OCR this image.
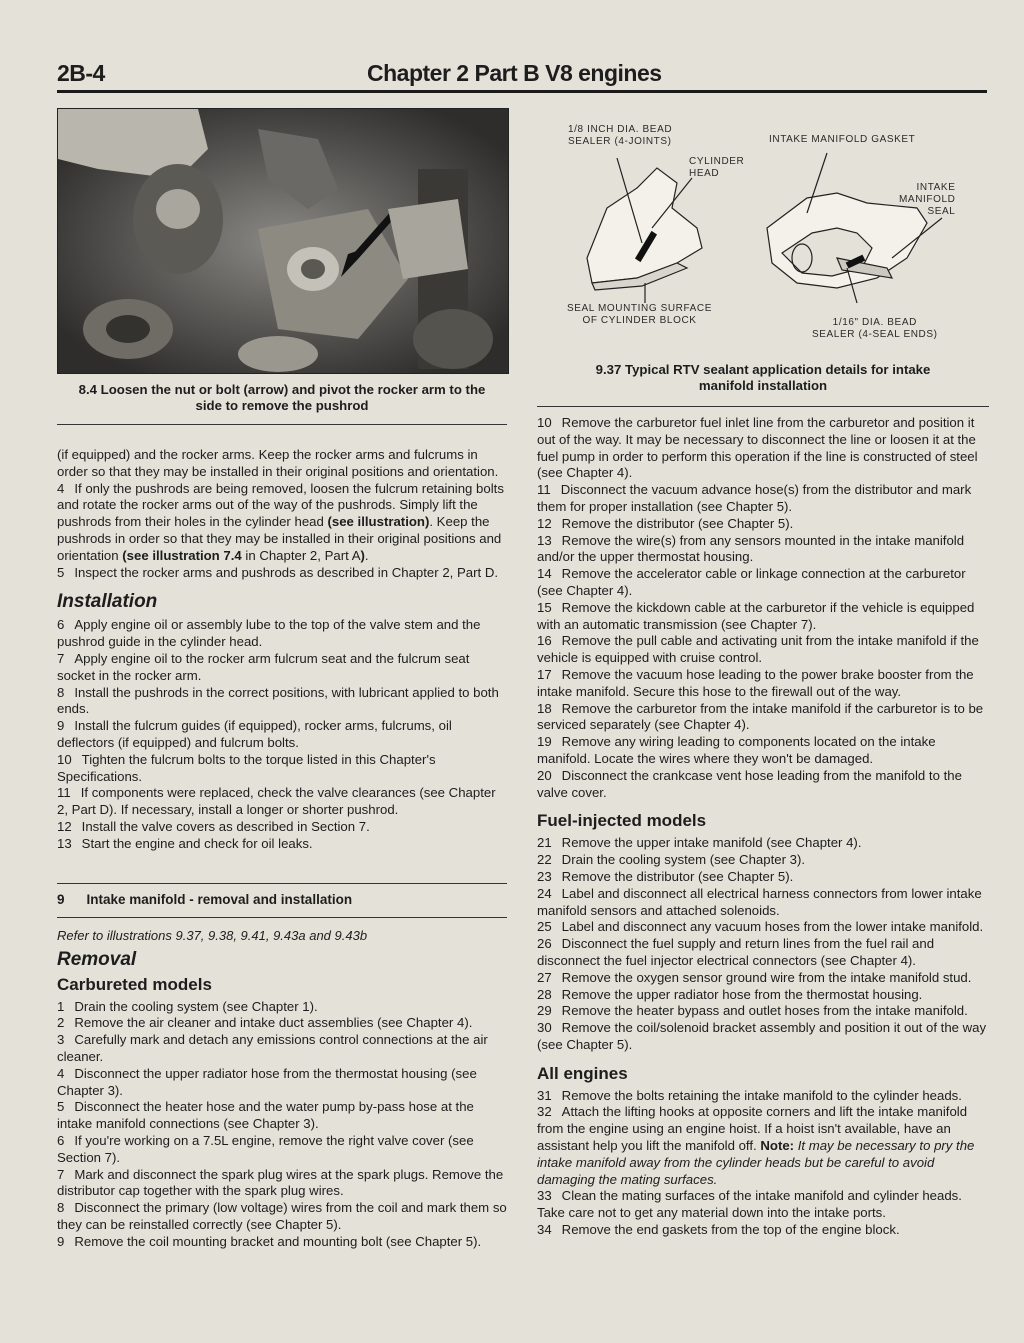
2B-4	Chapter 2 Part B V8 engines
8.4 Loosen the nut or bolt (arrow) and pivot the rocker arm to the side to remove the pushrod

(if equipped) and the rocker arms. Keep the rocker arms and fulcrums in order so that they may be installed in their original positions and orientation.

4 If only the pushrods are being removed, loosen the fulcrum retaining bolts and rotate the rocker arms out of the way of the pushrods. Simply lift the pushrods from their holes in the cylinder head (see illustration). Keep the pushrods in order so that they may be installed in their original positions and orientation (see illustration 7.4 in Chapter 2, Part A).

5 Inspect the rocker arms and pushrods as described in Chapter 2, Part D.

Installation

6 Apply engine oil or assembly lube to the top of the valve stem and the pushrod guide in the cylinder head.

7 Apply engine oil to the rocker arm fulcrum seat and the fulcrum seat socket in the rocker arm.

8 Install the pushrods in the correct positions, with lubricant applied to both ends.

9 Install the fulcrum guides (if equipped), rocker arms, fulcrums, oil deflectors (if equipped) and fulcrum bolts.

10 Tighten the fulcrum bolts to the torque listed in this Chapter's Specifications.

11 If components were replaced, check the valve clearances (see Chapter 2, Part D). If necessary, install a longer or shorter pushrod.

12 Install the valve covers as described in Section 7.

13 Start the engine and check for oil leaks.

9 Intake manifold - removal and installation
Refer to illustrations 9.37, 9.38, 9.41, 9.43a and 9.43b
Removal
Carbureted models

1 Drain the cooling system (see Chapter 1).

2 Remove the air cleaner and intake duct assemblies (see Chapter 4).

3 Carefully mark and detach any emissions control connections at the air cleaner.

4 Disconnect the upper radiator hose from the thermostat housing (see Chapter 3).

5 Disconnect the heater hose and the water pump by-pass hose at the intake manifold connections (see Chapter 3).

6 If you're working on a 7.5L engine, remove the right valve cover (see Section 7).

7 Mark and disconnect the spark plug wires at the spark plugs. Remove the distributor cap together with the spark plug wires.

8 Disconnect the primary (low voltage) wires from the coil and mark them so they can be reinstalled correctly (see Chapter 5).

9 Remove the coil mounting bracket and mounting bolt (see Chapter 5).

1/8 INCH DIA. BEAD
SEALER (4-JOINTS)
CYLINDER
HEAD
INTAKE MANIFOLD GASKET
INTAKE
MANIFOLD
SEAL
SEAL MOUNTING SURFACE
OF CYLINDER BLOCK	1/16" DIA. BEAD
SEALER (4-SEAL ENDS)
9.37 Typical RTV sealant application details for intake manifold installation

10 Remove the carburetor fuel inlet line from the carburetor and position it out of the way. It may be necessary to disconnect the line or loosen it at the fuel pump in order to perform this operation if the line is constructed of steel (see Chapter 4).

11 Disconnect the vacuum advance hose(s) from the distributor and mark them for proper installation (see Chapter 5).

12 Remove the distributor (see Chapter 5).

13 Remove the wire(s) from any sensors mounted in the intake manifold and/or the upper thermostat housing.

14 Remove the accelerator cable or linkage connection at the carburetor (see Chapter 4).

15 Remove the kickdown cable at the carburetor if the vehicle is equipped with an automatic transmission (see Chapter 7).

16 Remove the pull cable and activating unit from the intake manifold if the vehicle is equipped with cruise control.

17 Remove the vacuum hose leading to the power brake booster from the intake manifold. Secure this hose to the firewall out of the way.

18 Remove the carburetor from the intake manifold if the carburetor is to be serviced separately (see Chapter 4).

19 Remove any wiring leading to components located on the intake manifold. Locate the wires where they won't be damaged.

20 Disconnect the crankcase vent hose leading from the manifold to the valve cover.

Fuel-injected models

21 Remove the upper intake manifold (see Chapter 4).

22 Drain the cooling system (see Chapter 3).

23 Remove the distributor (see Chapter 5).

24 Label and disconnect all electrical harness connectors from lower intake manifold sensors and attached solenoids.

25 Label and disconnect any vacuum hoses from the lower intake manifold.

26 Disconnect the fuel supply and return lines from the fuel rail and disconnect the fuel injector electrical connectors (see Chapter 4).

27 Remove the oxygen sensor ground wire from the intake manifold stud.

28 Remove the upper radiator hose from the thermostat housing.

29 Remove the heater bypass and outlet hoses from the intake manifold.

30 Remove the coil/solenoid bracket assembly and position it out of the way (see Chapter 5).

All engines

31 Remove the bolts retaining the intake manifold to the cylinder heads.

32 Attach the lifting hooks at opposite corners and lift the intake manifold from the engine using an engine hoist. If a hoist isn't available, have an assistant help you lift the manifold off. Note: It may be necessary to pry the intake manifold away from the cylinder heads but be careful to avoid damaging the mating surfaces.

33 Clean the mating surfaces of the intake manifold and cylinder heads. Take care not to get any material down into the intake ports.

34 Remove the end gaskets from the top of the engine block.
